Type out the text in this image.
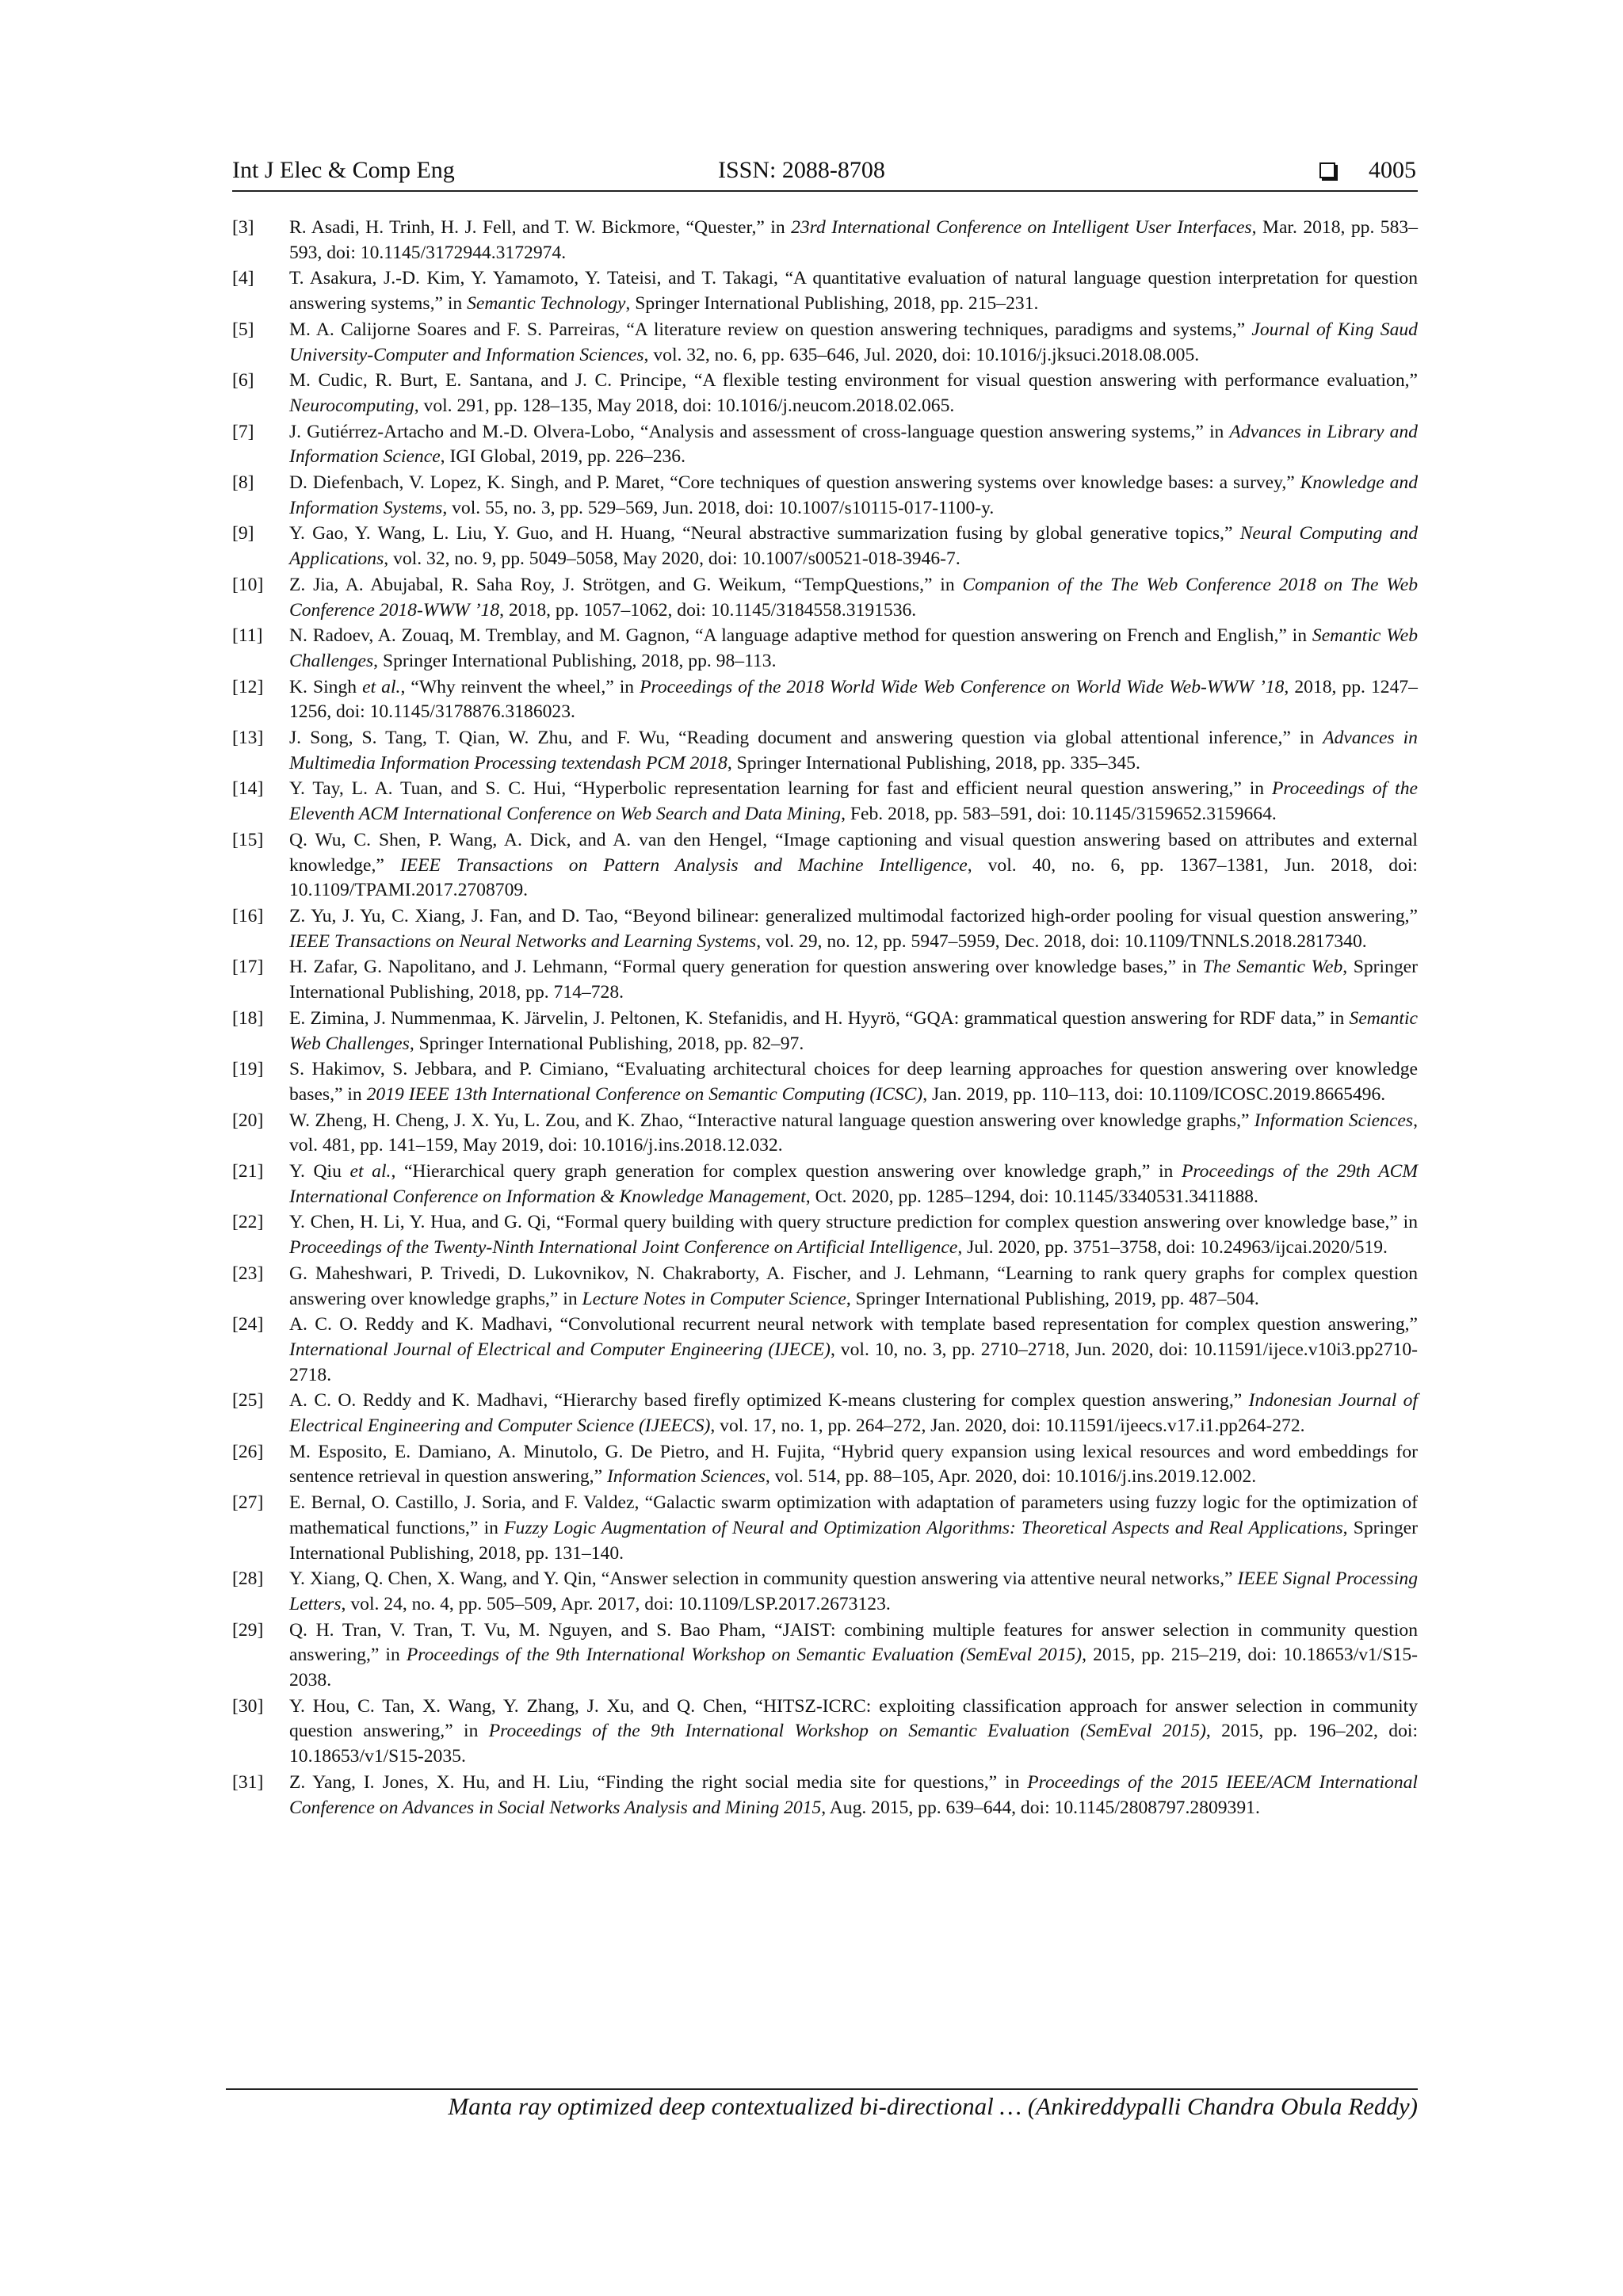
Int J Elec & Comp Eng	ISSN: 2088-8708	4005
[3]	R. Asadi, H. Trinh, H. J. Fell, and T. W. Bickmore, “Quester,” in 23rd International Conference on Intelligent User Interfaces, Mar. 2018, pp. 583–593, doi: 10.1145/3172944.3172974.
[4]	T. Asakura, J.-D. Kim, Y. Yamamoto, Y. Tateisi, and T. Takagi, “A quantitative evaluation of natural language question interpretation for question answering systems,” in Semantic Technology, Springer International Publishing, 2018, pp. 215–231.
[5]	M. A. Calijorne Soares and F. S. Parreiras, “A literature review on question answering techniques, paradigms and systems,” Journal of King Saud University-Computer and Information Sciences, vol. 32, no. 6, pp. 635–646, Jul. 2020, doi: 10.1016/j.jksuci.2018.08.005.
[6]	M. Cudic, R. Burt, E. Santana, and J. C. Principe, “A flexible testing environment for visual question answering with performance evaluation,” Neurocomputing, vol. 291, pp. 128–135, May 2018, doi: 10.1016/j.neucom.2018.02.065.
[7]	J. Gutiérrez-Artacho and M.-D. Olvera-Lobo, “Analysis and assessment of cross-language question answering systems,” in Advances in Library and Information Science, IGI Global, 2019, pp. 226–236.
[8]	D. Diefenbach, V. Lopez, K. Singh, and P. Maret, “Core techniques of question answering systems over knowledge bases: a survey,” Knowledge and Information Systems, vol. 55, no. 3, pp. 529–569, Jun. 2018, doi: 10.1007/s10115-017-1100-y.
[9]	Y. Gao, Y. Wang, L. Liu, Y. Guo, and H. Huang, “Neural abstractive summarization fusing by global generative topics,” Neural Computing and Applications, vol. 32, no. 9, pp. 5049–5058, May 2020, doi: 10.1007/s00521-018-3946-7.
[10]	Z. Jia, A. Abujabal, R. Saha Roy, J. Strötgen, and G. Weikum, “TempQuestions,” in Companion of the The Web Conference 2018 on The Web Conference 2018-WWW ’18, 2018, pp. 1057–1062, doi: 10.1145/3184558.3191536.
[11]	N. Radoev, A. Zouaq, M. Tremblay, and M. Gagnon, “A language adaptive method for question answering on French and English,” in Semantic Web Challenges, Springer International Publishing, 2018, pp. 98–113.
[12]	K. Singh et al., “Why reinvent the wheel,” in Proceedings of the 2018 World Wide Web Conference on World Wide Web-WWW ’18, 2018, pp. 1247–1256, doi: 10.1145/3178876.3186023.
[13]	J. Song, S. Tang, T. Qian, W. Zhu, and F. Wu, “Reading document and answering question via global attentional inference,” in Advances in Multimedia Information Processing textendash PCM 2018, Springer International Publishing, 2018, pp. 335–345.
[14]	Y. Tay, L. A. Tuan, and S. C. Hui, “Hyperbolic representation learning for fast and efficient neural question answering,” in Proceedings of the Eleventh ACM International Conference on Web Search and Data Mining, Feb. 2018, pp. 583–591, doi: 10.1145/3159652.3159664.
[15]	Q. Wu, C. Shen, P. Wang, A. Dick, and A. van den Hengel, “Image captioning and visual question answering based on attributes and external knowledge,” IEEE Transactions on Pattern Analysis and Machine Intelligence, vol. 40, no. 6, pp. 1367–1381, Jun. 2018, doi: 10.1109/TPAMI.2017.2708709.
[16]	Z. Yu, J. Yu, C. Xiang, J. Fan, and D. Tao, “Beyond bilinear: generalized multimodal factorized high-order pooling for visual question answering,” IEEE Transactions on Neural Networks and Learning Systems, vol. 29, no. 12, pp. 5947–5959, Dec. 2018, doi: 10.1109/TNNLS.2018.2817340.
[17]	H. Zafar, G. Napolitano, and J. Lehmann, “Formal query generation for question answering over knowledge bases,” in The Semantic Web, Springer International Publishing, 2018, pp. 714–728.
[18]	E. Zimina, J. Nummenmaa, K. Järvelin, J. Peltonen, K. Stefanidis, and H. Hyyrö, “GQA: grammatical question answering for RDF data,” in Semantic Web Challenges, Springer International Publishing, 2018, pp. 82–97.
[19]	S. Hakimov, S. Jebbara, and P. Cimiano, “Evaluating architectural choices for deep learning approaches for question answering over knowledge bases,” in 2019 IEEE 13th International Conference on Semantic Computing (ICSC), Jan. 2019, pp. 110–113, doi: 10.1109/ICOSC.2019.8665496.
[20]	W. Zheng, H. Cheng, J. X. Yu, L. Zou, and K. Zhao, “Interactive natural language question answering over knowledge graphs,” Information Sciences, vol. 481, pp. 141–159, May 2019, doi: 10.1016/j.ins.2018.12.032.
[21]	Y. Qiu et al., “Hierarchical query graph generation for complex question answering over knowledge graph,” in Proceedings of the 29th ACM International Conference on Information & Knowledge Management, Oct. 2020, pp. 1285–1294, doi: 10.1145/3340531.3411888.
[22]	Y. Chen, H. Li, Y. Hua, and G. Qi, “Formal query building with query structure prediction for complex question answering over knowledge base,” in Proceedings of the Twenty-Ninth International Joint Conference on Artificial Intelligence, Jul. 2020, pp. 3751–3758, doi: 10.24963/ijcai.2020/519.
[23]	G. Maheshwari, P. Trivedi, D. Lukovnikov, N. Chakraborty, A. Fischer, and J. Lehmann, “Learning to rank query graphs for complex question answering over knowledge graphs,” in Lecture Notes in Computer Science, Springer International Publishing, 2019, pp. 487–504.
[24]	A. C. O. Reddy and K. Madhavi, “Convolutional recurrent neural network with template based representation for complex question answering,” International Journal of Electrical and Computer Engineering (IJECE), vol. 10, no. 3, pp. 2710–2718, Jun. 2020, doi: 10.11591/ijece.v10i3.pp2710-2718.
[25]	A. C. O. Reddy and K. Madhavi, “Hierarchy based firefly optimized K-means clustering for complex question answering,” Indonesian Journal of Electrical Engineering and Computer Science (IJEECS), vol. 17, no. 1, pp. 264–272, Jan. 2020, doi: 10.11591/ijeecs.v17.i1.pp264-272.
[26]	M. Esposito, E. Damiano, A. Minutolo, G. De Pietro, and H. Fujita, “Hybrid query expansion using lexical resources and word embeddings for sentence retrieval in question answering,” Information Sciences, vol. 514, pp. 88–105, Apr. 2020, doi: 10.1016/j.ins.2019.12.002.
[27]	E. Bernal, O. Castillo, J. Soria, and F. Valdez, “Galactic swarm optimization with adaptation of parameters using fuzzy logic for the optimization of mathematical functions,” in Fuzzy Logic Augmentation of Neural and Optimization Algorithms: Theoretical Aspects and Real Applications, Springer International Publishing, 2018, pp. 131–140.
[28]	Y. Xiang, Q. Chen, X. Wang, and Y. Qin, “Answer selection in community question answering via attentive neural networks,” IEEE Signal Processing Letters, vol. 24, no. 4, pp. 505–509, Apr. 2017, doi: 10.1109/LSP.2017.2673123.
[29]	Q. H. Tran, V. Tran, T. Vu, M. Nguyen, and S. Bao Pham, “JAIST: combining multiple features for answer selection in community question answering,” in Proceedings of the 9th International Workshop on Semantic Evaluation (SemEval 2015), 2015, pp. 215–219, doi: 10.18653/v1/S15-2038.
[30]	Y. Hou, C. Tan, X. Wang, Y. Zhang, J. Xu, and Q. Chen, “HITSZ-ICRC: exploiting classification approach for answer selection in community question answering,” in Proceedings of the 9th International Workshop on Semantic Evaluation (SemEval 2015), 2015, pp. 196–202, doi: 10.18653/v1/S15-2035.
[31]	Z. Yang, I. Jones, X. Hu, and H. Liu, “Finding the right social media site for questions,” in Proceedings of the 2015 IEEE/ACM International Conference on Advances in Social Networks Analysis and Mining 2015, Aug. 2015, pp. 639–644, doi: 10.1145/2808797.2809391.
Manta ray optimized deep contextualized bi-directional … (Ankireddypalli Chandra Obula Reddy)
